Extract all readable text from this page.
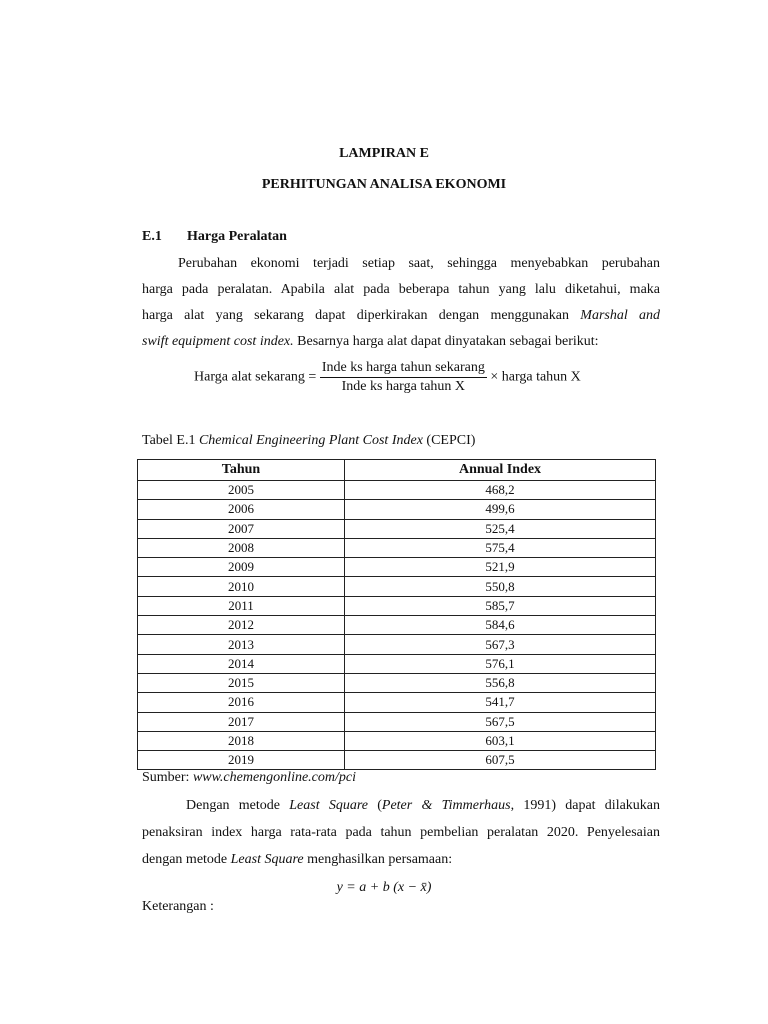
LAMPIRAN E
PERHITUNGAN ANALISA EKONOMI
E.1 Harga Peralatan
Perubahan ekonomi terjadi setiap saat, sehingga menyebabkan perubahan
harga pada peralatan. Apabila alat pada beberapa tahun yang lalu diketahui, maka
harga alat yang sekarang dapat diperkirakan dengan menggunakan Marshal and
swift equipment cost index. Besarnya harga alat dapat dinyatakan sebagai berikut:
Harga alat sekarang = $\frac{\text{Inde ks harga tahun sekarang}}{\text{Inde ks harga tahun X}}$ × harga tahun X
Tabel E.1 Chemical Engineering Plant Cost Index (CEPCI)
Tahun	Annual Index
2005	468,2
2006	499,6
2007	525,4
2008	575,4
2009	521,9
2010	550,8
2011	585,7
2012	584,6
2013	567,3
2014	576,1
2015	556,8
2016	541,7
2017	567,5
2018	603,1
2019	607,5
Sumber: www.chemengonline.com/pci
Dengan metode Least Square (Peter & Timmerhaus, 1991) dapat dilakukan
penaksiran index harga rata-rata pada tahun pembelian peralatan 2020. Penyelesaian
dengan metode Least Square menghasilkan persamaan:
y = a + b (x − x̄)
Keterangan :
